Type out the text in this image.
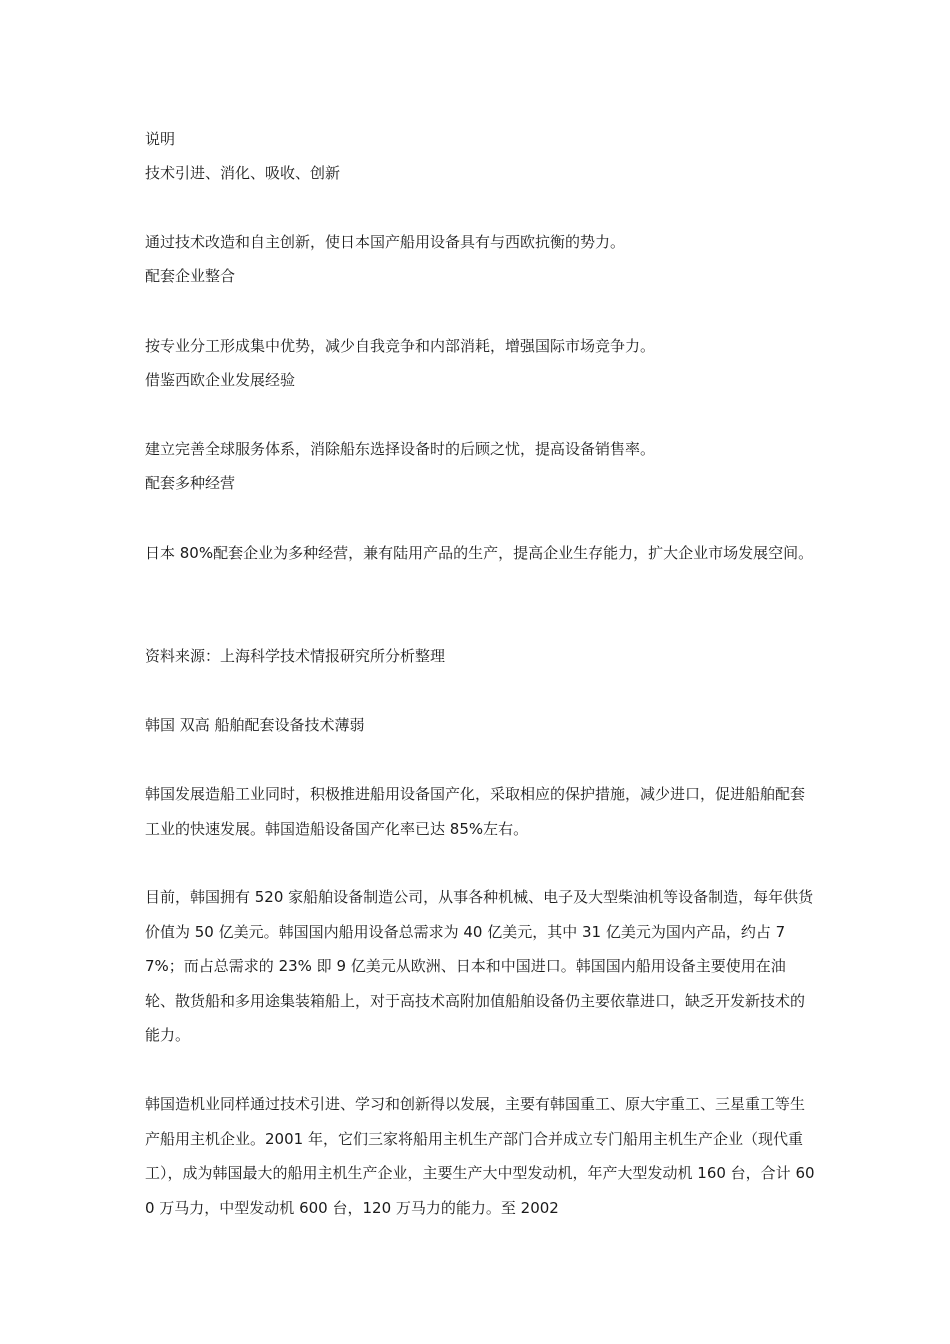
说明
技术引进、消化、吸收、创新
通过技术改造和自主创新，使日本国产船用设备具有与西欧抗衡的势力。
配套企业整合
按专业分工形成集中优势，减少自我竞争和内部消耗，增强国际市场竞争力。
借鉴西欧企业发展经验
建立完善全球服务体系，消除船东选择设备时的后顾之忧，提高设备销售率。
配套多种经营
日本 80%配套企业为多种经营，兼有陆用产品的生产，提高企业生存能力，扩大企业市场发展空间。
资料来源：上海科学技术情报研究所分析整理
韩国 双高 船舶配套设备技术薄弱
韩国发展造船工业同时，积极推进船用设备国产化，采取相应的保护措施，减少进口，促进船舶配套工业的快速发展。韩国造船设备国产化率已达 85%左右。
目前，韩国拥有 520 家船舶设备制造公司，从事各种机械、电子及大型柴油机等设备制造，每年供货价值为 50 亿美元。韩国国内船用设备总需求为 40 亿美元，其中 31 亿美元为国内产品，约占 77%；而占总需求的 23% 即 9 亿美元从欧洲、日本和中国进口。韩国国内船用设备主要使用在油轮、散货船和多用途集装箱船上，对于高技术高附加值船舶设备仍主要依靠进口，缺乏开发新技术的能力。
韩国造机业同样通过技术引进、学习和创新得以发展，主要有韩国重工、原大宇重工、三星重工等生产船用主机企业。2001 年，它们三家将船用主机生产部门合并成立专门船用主机生产企业（现代重工），成为韩国最大的船用主机生产企业，主要生产大中型发动机，年产大型发动机 160 台，合计 600 万马力，中型发动机 600 台，120 万马力的能力。至 2002
